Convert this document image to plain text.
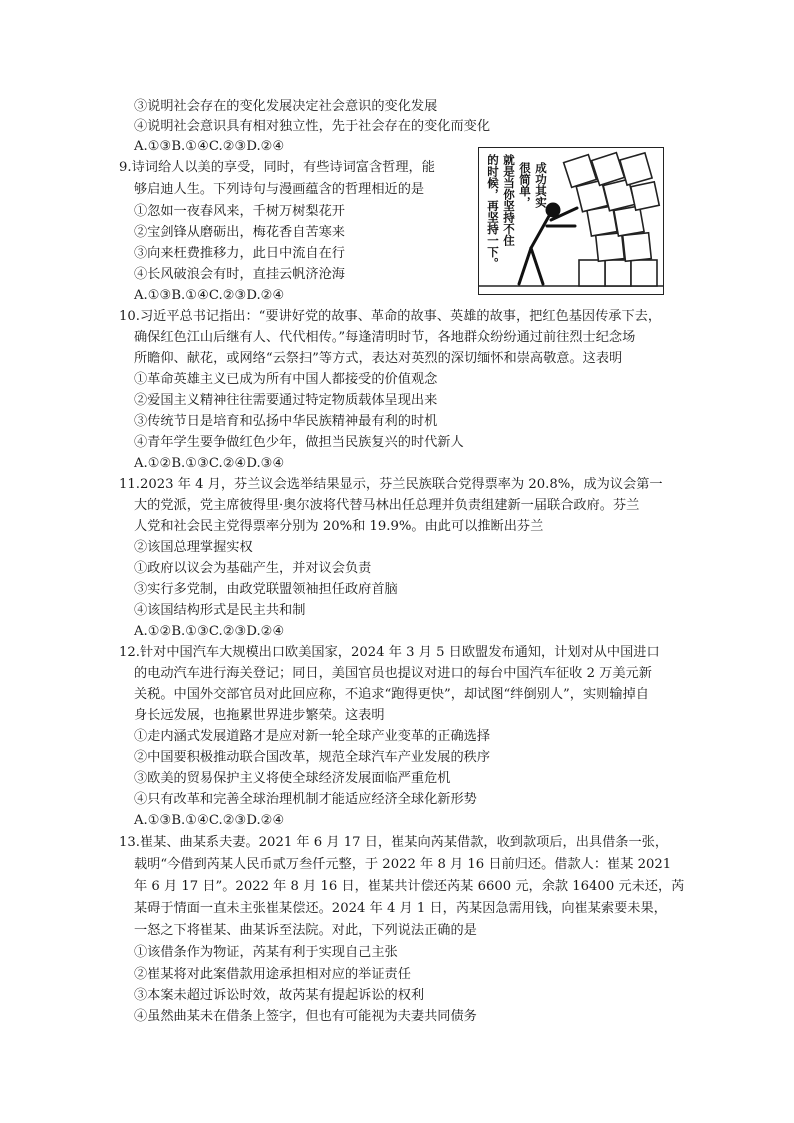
③说明社会存在的变化发展决定社会意识的变化发展
④说明社会意识具有相对独立性，先于社会存在的变化而变化
A.①③B.①④C.②③D.②④
9.诗词给人以美的享受，同时，有些诗词富含哲理，能
够启迪人生。下列诗句与漫画蕴含的哲理相近的是
①忽如一夜春风来，千树万树梨花开
②宝剑锋从磨砺出，梅花香自苦寒来
③向来枉费推移力，此日中流自在行
④长风破浪会有时，直挂云帆济沧海
A.①③B.①④C.②③D.②④
成功其实
很简单，
就是当你坚持不住
的时候，再坚持一下。
10.习近平总书记指出：“要讲好党的故事、革命的故事、英雄的故事，把红色基因传承下去，
确保红色江山后继有人、代代相传。”每逢清明时节，各地群众纷纷通过前往烈士纪念场
所瞻仰、献花，或网络“云祭扫”等方式，表达对英烈的深切缅怀和崇高敬意。这表明
①革命英雄主义已成为所有中国人都接受的价值观念
②爱国主义精神往往需要通过特定物质载体呈现出来
③传统节日是培育和弘扬中华民族精神最有利的时机
④青年学生要争做红色少年，做担当民族复兴的时代新人
A.①②B.①③C.②④D.③④
11.2023 年 4 月，芬兰议会选举结果显示，芬兰民族联合党得票率为 20.8%，成为议会第一
大的党派，党主席彼得里·奥尔波将代替马林出任总理并负责组建新一届联合政府。芬兰
人党和社会民主党得票率分别为 20%和 19.9%。由此可以推断出芬兰
②该国总理掌握实权
①政府以议会为基础产生，并对议会负责
③实行多党制，由政党联盟领袖担任政府首脑
④该国结构形式是民主共和制
A.①②B.①③C.②③D.②④
12.针对中国汽车大规模出口欧美国家，2024 年 3 月 5 日欧盟发布通知，计划对从中国进口
的电动汽车进行海关登记；同日，美国官员也提议对进口的每台中国汽车征收 2 万美元新
关税。中国外交部官员对此回应称，不追求“跑得更快”，却试图“绊倒别人”，实则输掉自
身长远发展，也拖累世界进步繁荣。这表明
①走内涵式发展道路才是应对新一轮全球产业变革的正确选择
②中国要积极推动联合国改革，规范全球汽车产业发展的秩序
③欧美的贸易保护主义将使全球经济发展面临严重危机
④只有改革和完善全球治理机制才能适应经济全球化新形势
A.①③B.①④C.②③D.②④
13.崔某、曲某系夫妻。2021 年 6 月 17 日，崔某向芮某借款，收到款项后，出具借条一张，
载明“今借到芮某人民币贰万叁仟元整，于 2022 年 8 月 16 日前归还。借款人：崔某 2021
年 6 月 17 日”。2022 年 8 月 16 日，崔某共计偿还芮某 6600 元，余款 16400 元未还，芮
某碍于情面一直未主张崔某偿还。2024 年 4 月 1 日，芮某因急需用钱，向崔某索要未果，
一怒之下将崔某、曲某诉至法院。对此，下列说法正确的是
①该借条作为物证，芮某有利于实现自己主张
②崔某将对此案借款用途承担相对应的举证责任
③本案未超过诉讼时效，故芮某有提起诉讼的权利
④虽然曲某未在借条上签字，但也有可能视为夫妻共同债务
